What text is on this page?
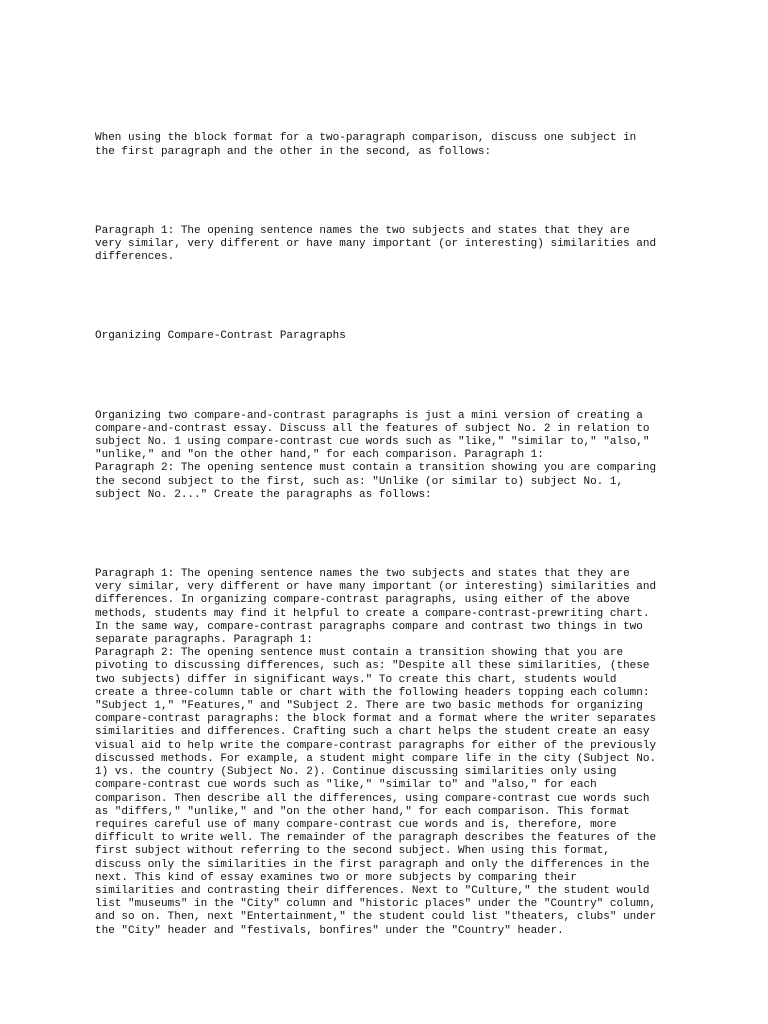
When using the block format for a two-paragraph comparison, discuss one subject in
the first paragraph and the other in the second, as follows:

Paragraph 1: The opening sentence names the two subjects and states that they are
very similar, very different or have many important (or interesting) similarities and
differences.

Organizing Compare-Contrast Paragraphs

Organizing two compare-and-contrast paragraphs is just a mini version of creating a
compare-and-contrast essay. Discuss all the features of subject No. 2 in relation to
subject No. 1 using compare-contrast cue words such as "like," "similar to," "also,"
"unlike," and "on the other hand," for each comparison. Paragraph 1:
Paragraph 2: The opening sentence must contain a transition showing you are comparing
the second subject to the first, such as: "Unlike (or similar to) subject No. 1,
subject No. 2..." Create the paragraphs as follows:

Paragraph 1: The opening sentence names the two subjects and states that they are
very similar, very different or have many important (or interesting) similarities and
differences. In organizing compare-contrast paragraphs, using either of the above
methods, students may find it helpful to create a compare-contrast-prewriting chart.
In the same way, compare-contrast paragraphs compare and contrast two things in two
separate paragraphs. Paragraph 1:
Paragraph 2: The opening sentence must contain a transition showing that you are
pivoting to discussing differences, such as: "Despite all these similarities, (these
two subjects) differ in significant ways." To create this chart, students would
create a three-column table or chart with the following headers topping each column:
"Subject 1," "Features," and "Subject 2. There are two basic methods for organizing
compare-contrast paragraphs: the block format and a format where the writer separates
similarities and differences. Crafting such a chart helps the student create an easy
visual aid to help write the compare-contrast paragraphs for either of the previously
discussed methods. For example, a student might compare life in the city (Subject No.
1) vs. the country (Subject No. 2). Continue discussing similarities only using
compare-contrast cue words such as "like," "similar to" and "also," for each
comparison. Then describe all the differences, using compare-contrast cue words such
as "differs," "unlike," and "on the other hand," for each comparison. This format
requires careful use of many compare-contrast cue words and is, therefore, more
difficult to write well. The remainder of the paragraph describes the features of the
first subject without referring to the second subject. When using this format,
discuss only the similarities in the first paragraph and only the differences in the
next. This kind of essay examines two or more subjects by comparing their
similarities and contrasting their differences. Next to "Culture," the student would
list "museums" in the "City" column and "historic places" under the "Country" column,
and so on. Then, next "Entertainment," the student could list "theaters, clubs" under
the "City" header and "festivals, bonfires" under the "Country" header.
